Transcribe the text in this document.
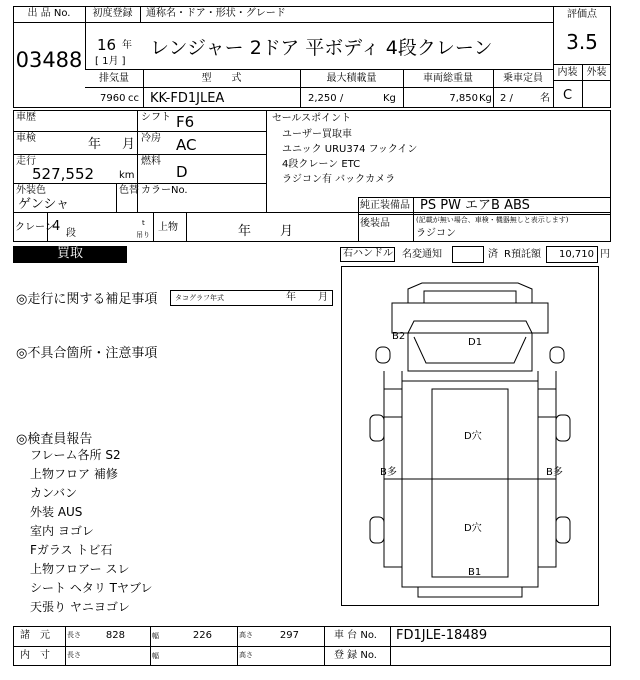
出 品 No.
03488
初度登録	通称名・ドア・形状・グレード
16 年
[ 1月 ]
レンジャー 2ドア 平ボディ 4段クレーン
評価点
3.5
内装 外装
C
排気量	型　　式	最大積載量	車両総重量	乗車定員
7960 cc KK-FD1JLEA	2,250 /	Kg	7,850 Kg 2 /	名
車歴
車検	年 月
走行
527,552 km
外装色
ゲンシャ
色替
シフト F6
冷房 AC
燃料
D
カラーNo.
セールスポイント
ユーザー買取車
ユニック URU374 フックイン
4段クレーン ETC
ラジコン有 バックカメラ
純正装備品 PS PW エアB ABS
後装品	(記載が無い場合、車検・機器無しと表示します)
ラジコン
クレーン
4 段
t
吊り
上物	年 月
買取	右ハンドル 名変通知	済 R預託額	10,710 円
◎走行に関する補足事項	タコグラフ年式	年 月
◎不具合箇所・注意事項
◎検査員報告
フレーム各所 S2
上物フロア 補修
カンバン
外装 AUS
室内 ヨゴレ
Fガラス トビ石
上物フロアー スレ
シート ヘタリ Tヤブレ
天張り ヤニヨゴレ
B2
D1
D穴
B多	B多
D穴
B1
諸　元 長さ	828	幅	226	高さ	297	車 台 No. FD1JLE-18489
内　寸 長さ	幅	高さ	登 録 No.
